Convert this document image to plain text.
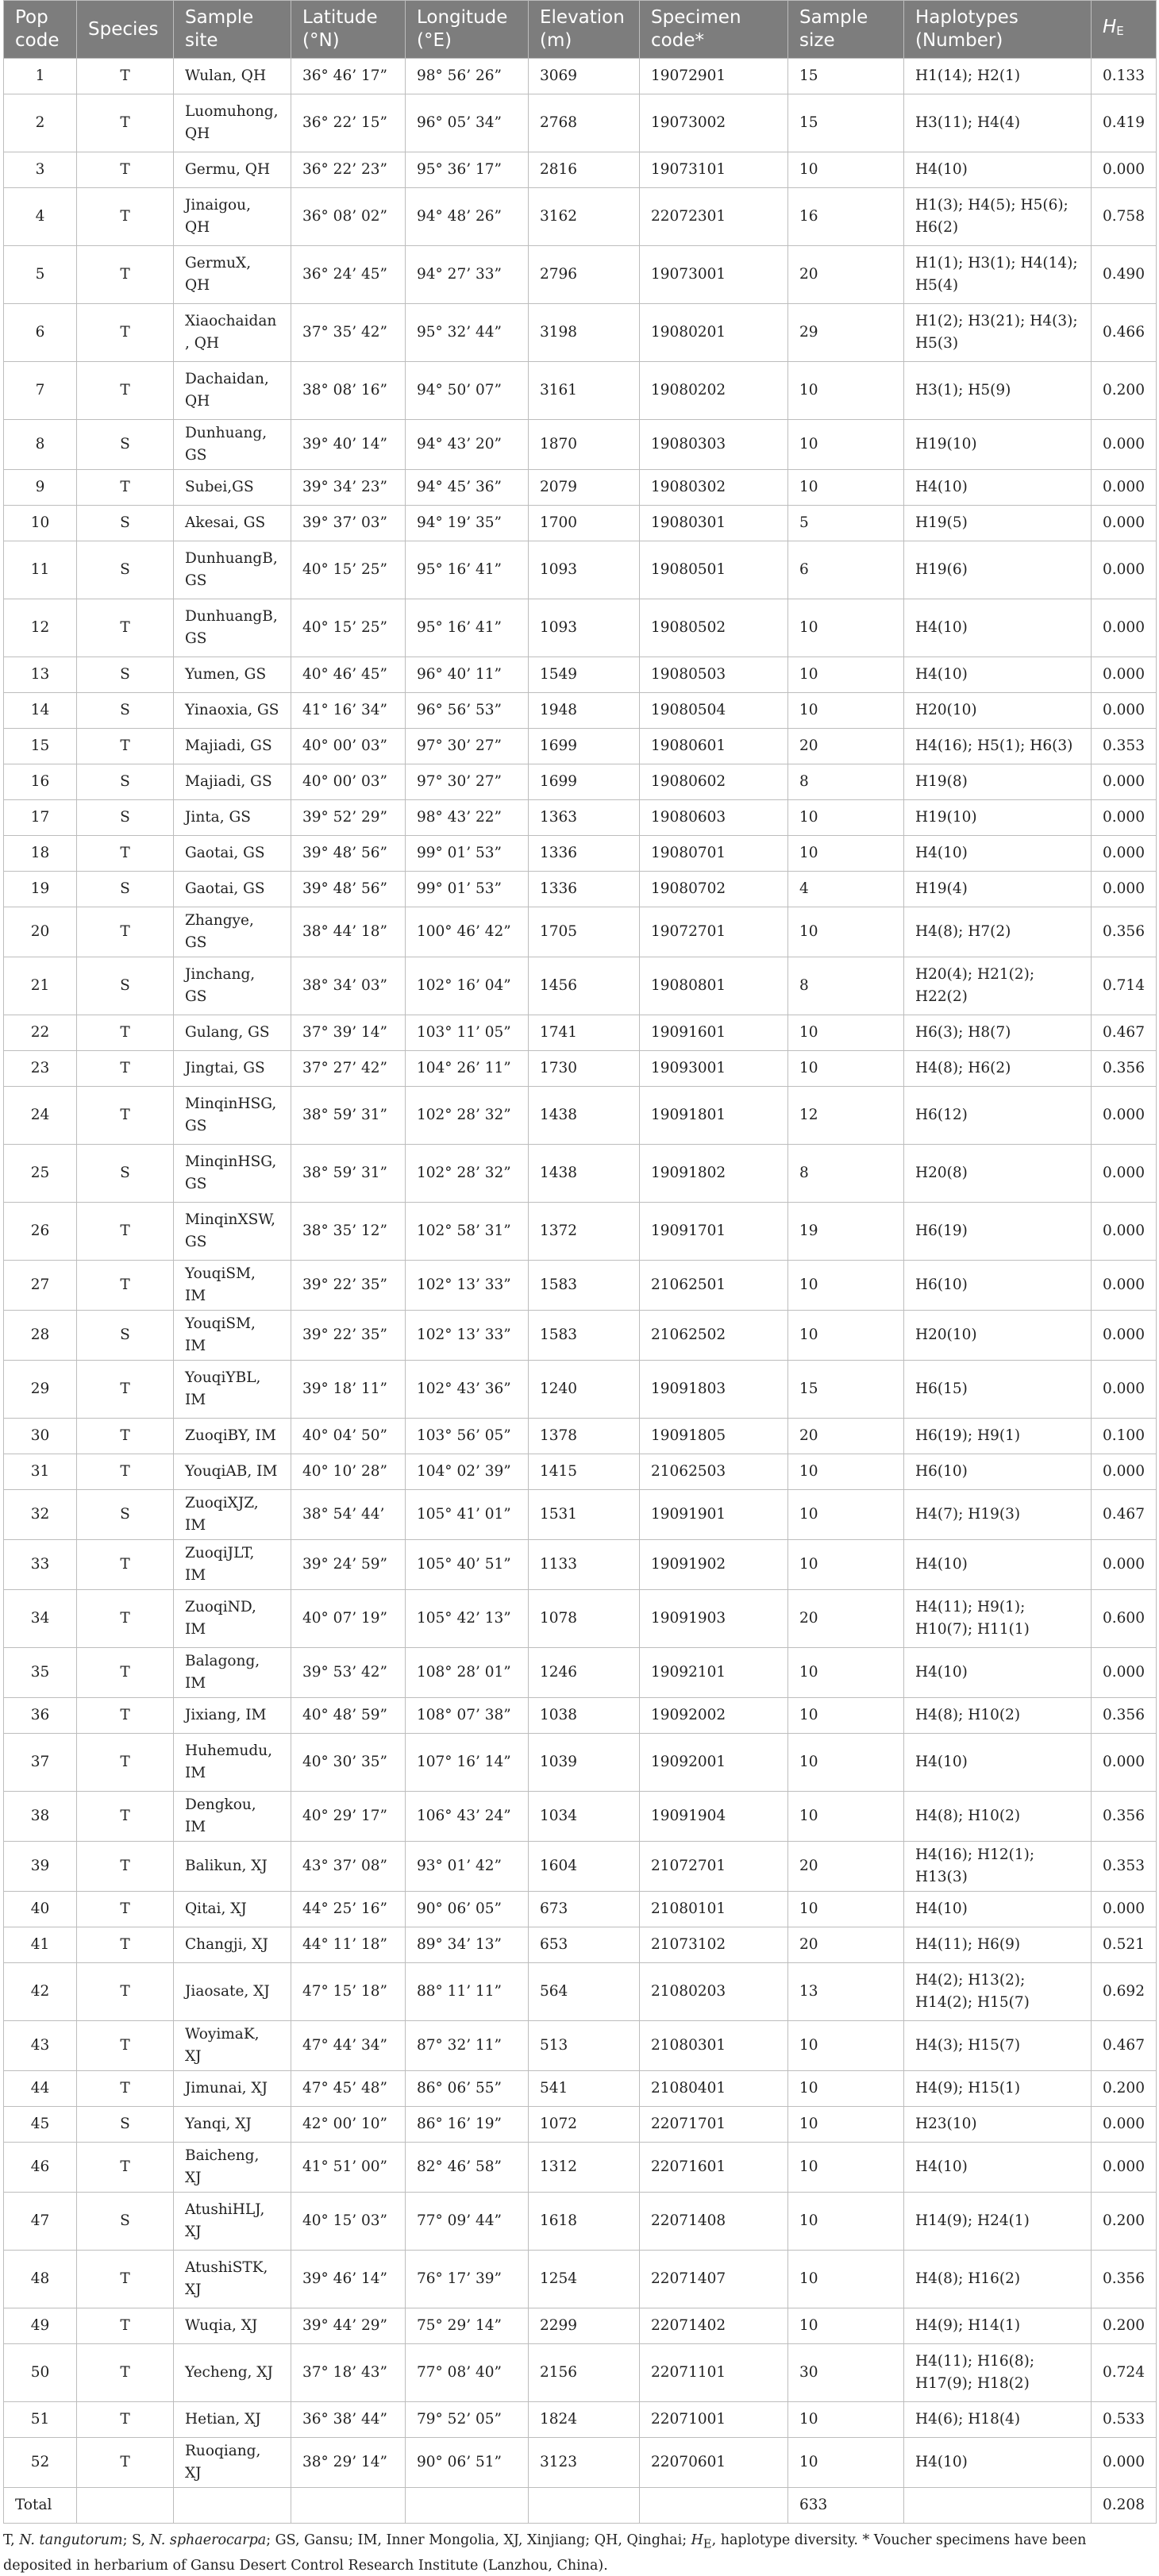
Pop code	Species	Sample site	Latitude (°N)	Longitude (°E)	Elevation (m)	Specimen code*	Sample size	Haplotypes (Number)	HE
1	T	Wulan, QH	36° 46’ 17”	98° 56’ 26”	3069	19072901	15	H1(14); H2(1)	0.133
2	T	Luomuhong, QH	36° 22’ 15”	96° 05’ 34”	2768	19073002	15	H3(11); H4(4)	0.419
3	T	Germu, QH	36° 22’ 23”	95° 36’ 17”	2816	19073101	10	H4(10)	0.000
4	T	Jinaigou, QH	36° 08’ 02”	94° 48’ 26”	3162	22072301	16	H1(3); H4(5); H5(6); H6(2)	0.758
5	T	GermuX, QH	36° 24’ 45”	94° 27’ 33”	2796	19073001	20	H1(1); H3(1); H4(14); H5(4)	0.490
6	T	Xiaochaidan, QH	37° 35’ 42”	95° 32’ 44”	3198	19080201	29	H1(2); H3(21); H4(3); H5(3)	0.466
7	T	Dachaidan, QH	38° 08’ 16”	94° 50’ 07”	3161	19080202	10	H3(1); H5(9)	0.200
8	S	Dunhuang, GS	39° 40’ 14”	94° 43’ 20”	1870	19080303	10	H19(10)	0.000
9	T	Subei,GS	39° 34’ 23”	94° 45’ 36”	2079	19080302	10	H4(10)	0.000
10	S	Akesai, GS	39° 37’ 03”	94° 19’ 35”	1700	19080301	5	H19(5)	0.000
11	S	DunhuangB, GS	40° 15’ 25”	95° 16’ 41”	1093	19080501	6	H19(6)	0.000
12	T	DunhuangB, GS	40° 15’ 25”	95° 16’ 41”	1093	19080502	10	H4(10)	0.000
13	S	Yumen, GS	40° 46’ 45”	96° 40’ 11”	1549	19080503	10	H4(10)	0.000
14	S	Yinaoxia, GS	41° 16’ 34”	96° 56’ 53”	1948	19080504	10	H20(10)	0.000
15	T	Majiadi, GS	40° 00’ 03”	97° 30’ 27”	1699	19080601	20	H4(16); H5(1); H6(3)	0.353
16	S	Majiadi, GS	40° 00’ 03”	97° 30’ 27”	1699	19080602	8	H19(8)	0.000
17	S	Jinta, GS	39° 52’ 29”	98° 43’ 22”	1363	19080603	10	H19(10)	0.000
18	T	Gaotai, GS	39° 48’ 56”	99° 01’ 53”	1336	19080701	10	H4(10)	0.000
19	S	Gaotai, GS	39° 48’ 56”	99° 01’ 53”	1336	19080702	4	H19(4)	0.000
20	T	Zhangye, GS	38° 44’ 18”	100° 46’ 42”	1705	19072701	10	H4(8); H7(2)	0.356
21	S	Jinchang, GS	38° 34’ 03”	102° 16’ 04”	1456	19080801	8	H20(4); H21(2); H22(2)	0.714
22	T	Gulang, GS	37° 39’ 14”	103° 11’ 05”	1741	19091601	10	H6(3); H8(7)	0.467
23	T	Jingtai, GS	37° 27’ 42”	104° 26’ 11”	1730	19093001	10	H4(8); H6(2)	0.356
24	T	MinqinHSG, GS	38° 59’ 31”	102° 28’ 32”	1438	19091801	12	H6(12)	0.000
25	S	MinqinHSG, GS	38° 59’ 31”	102° 28’ 32”	1438	19091802	8	H20(8)	0.000
26	T	MinqinXSW, GS	38° 35’ 12”	102° 58’ 31”	1372	19091701	19	H6(19)	0.000
27	T	YouqiSM, IM	39° 22’ 35”	102° 13’ 33”	1583	21062501	10	H6(10)	0.000
28	S	YouqiSM, IM	39° 22’ 35”	102° 13’ 33”	1583	21062502	10	H20(10)	0.000
29	T	YouqiYBL, IM	39° 18’ 11”	102° 43’ 36”	1240	19091803	15	H6(15)	0.000
30	T	ZuoqiBY, IM	40° 04’ 50”	103° 56’ 05”	1378	19091805	20	H6(19); H9(1)	0.100
31	T	YouqiAB, IM	40° 10’ 28”	104° 02’ 39”	1415	21062503	10	H6(10)	0.000
32	S	ZuoqiXJZ, IM	38° 54’ 44’	105° 41’ 01”	1531	19091901	10	H4(7); H19(3)	0.467
33	T	ZuoqiJLT, IM	39° 24’ 59”	105° 40’ 51”	1133	19091902	10	H4(10)	0.000
34	T	ZuoqiND, IM	40° 07’ 19”	105° 42’ 13”	1078	19091903	20	H4(11); H9(1); H10(7); H11(1)	0.600
35	T	Balagong, IM	39° 53’ 42”	108° 28’ 01”	1246	19092101	10	H4(10)	0.000
36	T	Jixiang, IM	40° 48’ 59”	108° 07’ 38”	1038	19092002	10	H4(8); H10(2)	0.356
37	T	Huhemudu, IM	40° 30’ 35”	107° 16’ 14”	1039	19092001	10	H4(10)	0.000
38	T	Dengkou, IM	40° 29’ 17”	106° 43’ 24”	1034	19091904	10	H4(8); H10(2)	0.356
39	T	Balikun, XJ	43° 37’ 08”	93° 01’ 42”	1604	21072701	20	H4(16); H12(1); H13(3)	0.353
40	T	Qitai, XJ	44° 25’ 16”	90° 06’ 05”	673	21080101	10	H4(10)	0.000
41	T	Changji, XJ	44° 11’ 18”	89° 34’ 13”	653	21073102	20	H4(11); H6(9)	0.521
42	T	Jiaosate, XJ	47° 15’ 18”	88° 11’ 11”	564	21080203	13	H4(2); H13(2); H14(2); H15(7)	0.692
43	T	WoyimaK, XJ	47° 44’ 34”	87° 32’ 11”	513	21080301	10	H4(3); H15(7)	0.467
44	T	Jimunai, XJ	47° 45’ 48”	86° 06’ 55”	541	21080401	10	H4(9); H15(1)	0.200
45	S	Yanqi, XJ	42° 00’ 10”	86° 16’ 19”	1072	22071701	10	H23(10)	0.000
46	T	Baicheng, XJ	41° 51’ 00”	82° 46’ 58”	1312	22071601	10	H4(10)	0.000
47	S	AtushiHLJ, XJ	40° 15’ 03”	77° 09’ 44”	1618	22071408	10	H14(9); H24(1)	0.200
48	T	AtushiSTK, XJ	39° 46’ 14”	76° 17’ 39”	1254	22071407	10	H4(8); H16(2)	0.356
49	T	Wuqia, XJ	39° 44’ 29”	75° 29’ 14”	2299	22071402	10	H4(9); H14(1)	0.200
50	T	Yecheng, XJ	37° 18’ 43”	77° 08’ 40”	2156	22071101	30	H4(11); H16(8); H17(9); H18(2)	0.724
51	T	Hetian, XJ	36° 38’ 44”	79° 52’ 05”	1824	22071001	10	H4(6); H18(4)	0.533
52	T	Ruoqiang, XJ	38° 29’ 14”	90° 06’ 51”	3123	22070601	10	H4(10)	0.000
Total							633		0.208
T, N. tangutorum; S, N. sphaerocarpa; GS, Gansu; IM, Inner Mongolia, XJ, Xinjiang; QH, Qinghai; $H_E$, haplotype diversity. * Voucher specimens have been deposited in herbarium of Gansu Desert Control Research Institute (Lanzhou, China).
